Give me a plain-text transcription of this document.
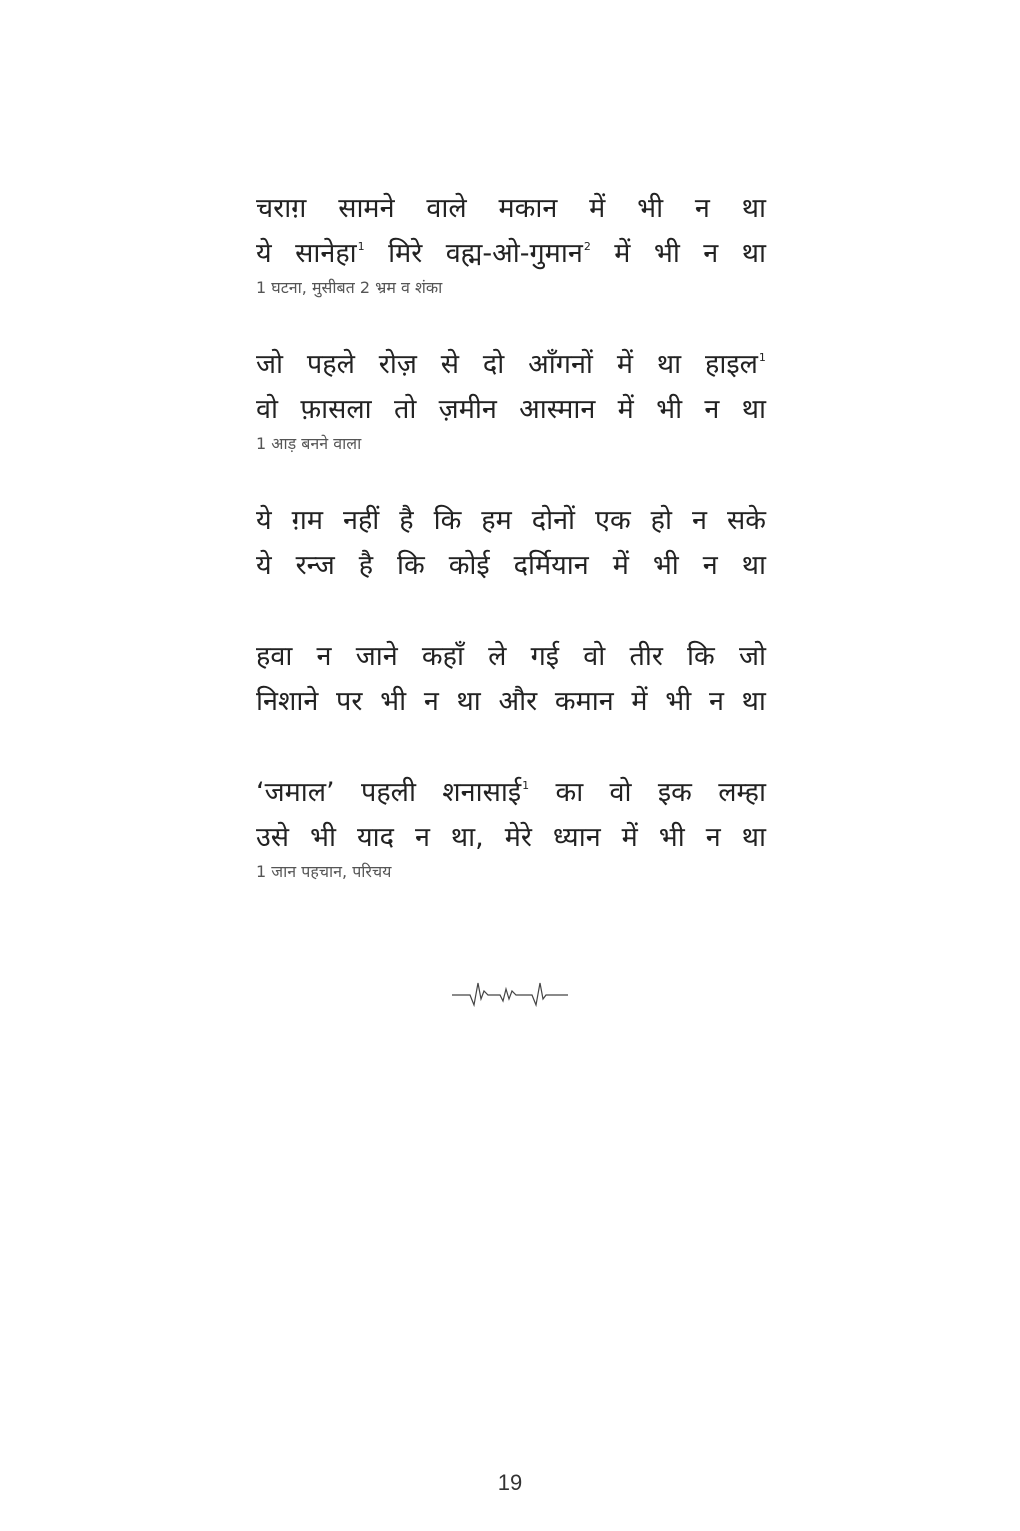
चराग़ सामने वाले मकान में भी न था
ये सानेहा$^1$ मिरे वह्म-ओ-गुमान$^2$ में भी न था
1 घटना, मुसीबत 2 भ्रम व शंका
जो पहले रोज़ से दो आँगनों में था हाइल$^1$
वो फ़ासला तो ज़मीन आस्मान में भी न था
1 आड़ बनने वाला
ये ग़म नहीं है कि हम दोनों एक हो न सके
ये रन्ज है कि कोई दर्मियान में भी न था
हवा न जाने कहाँ ले गई वो तीर कि जो
निशाने पर भी न था और कमान में भी न था
‘जमाल’ पहली शनासाई$^1$ का वो इक लम्हा
उसे भी याद न था, मेरे ध्यान में भी न था
1 जान पहचान, परिचय
19
